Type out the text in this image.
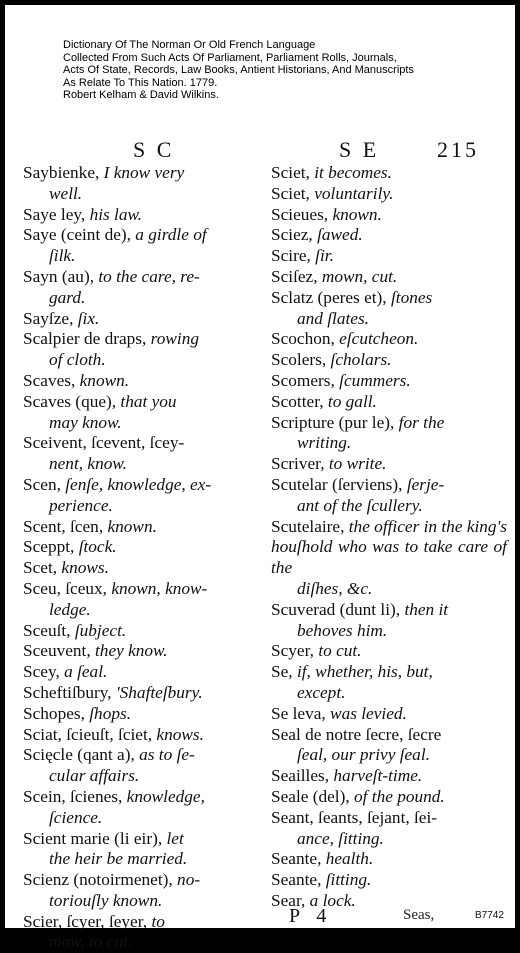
Dictionary Of The Norman Or Old French Language
Collected From Such Acts Of Parliament, Parliament Rolls, Journals,
Acts Of State, Records, Law Books, Antient Historians, And Manuscripts
As Relate To This Nation. 1779.
Robert Kelham & David Wilkins.
S C	S E	215
Saybienke, I know very
well.
Saye ley, his law.
Saye (ceint de), a girdle of
ſilk.
Sayn (au), to the care, re-
gard.
Sayſze, ſix.
Scalpier de draps, rowing
of cloth.
Scaves, known.
Scaves (que), that you
may know.
Sceivent, ſcevent, ſcey-
nent, know.
Scen, ſenſe, knowledge, ex-
perience.
Scent, ſcen, known.
Sceppt, ſtock.
Scet, knows.
Sceu, ſceux, known, know-
ledge.
Sceuſt, ſubject.
Sceuvent, they know.
Scey, a ſeal.
Scheftiſbury, 'Shafteſbury.
Schopes, ſhops.
Sciat, ſcieuſt, ſciet, knows.
Scięcle (qant a), as to ſe-
cular affairs.
Scein, ſcienes, knowledge,
ſcience.
Scient marie (li eir), let
the heir be married.
Scienz (notoirmenet), no-
toriouſly known.
Scier, ſcyer, ſeyer, to
mow, to cut.
Sciet, it becomes.
Sciet, voluntarily.
Scieues, known.
Sciez, ſawed.
Scire, ſir.
Sciſez, mown, cut.
Sclatz (peres et), ſtones
and ſlates.
Scochon, eſcutcheon.
Scolers, ſcholars.
Scomers, ſcummers.
Scotter, to gall.
Scripture (pur le), for the
writing.
Scriver, to write.
Scutelar (ſerviens), ſerje-
ant of the ſcullery.
Scutelaire, the officer in the king's houſhold who was to take care of the
diſhes, &c.
Scuverad (dunt li), then it
behoves him.
Scyer, to cut.
Se, if, whether, his, but,
except.
Se leva, was levied.
Seal de notre ſecre, ſecre
ſeal, our privy ſeal.
Seailles, harveſt-time.
Seale (del), of the pound.
Seant, ſeants, ſejant, ſei-
ance, ſitting.
Seante, health.
Seante, ſitting.
Sear, a lock.
P 4	Seas,	B7742
